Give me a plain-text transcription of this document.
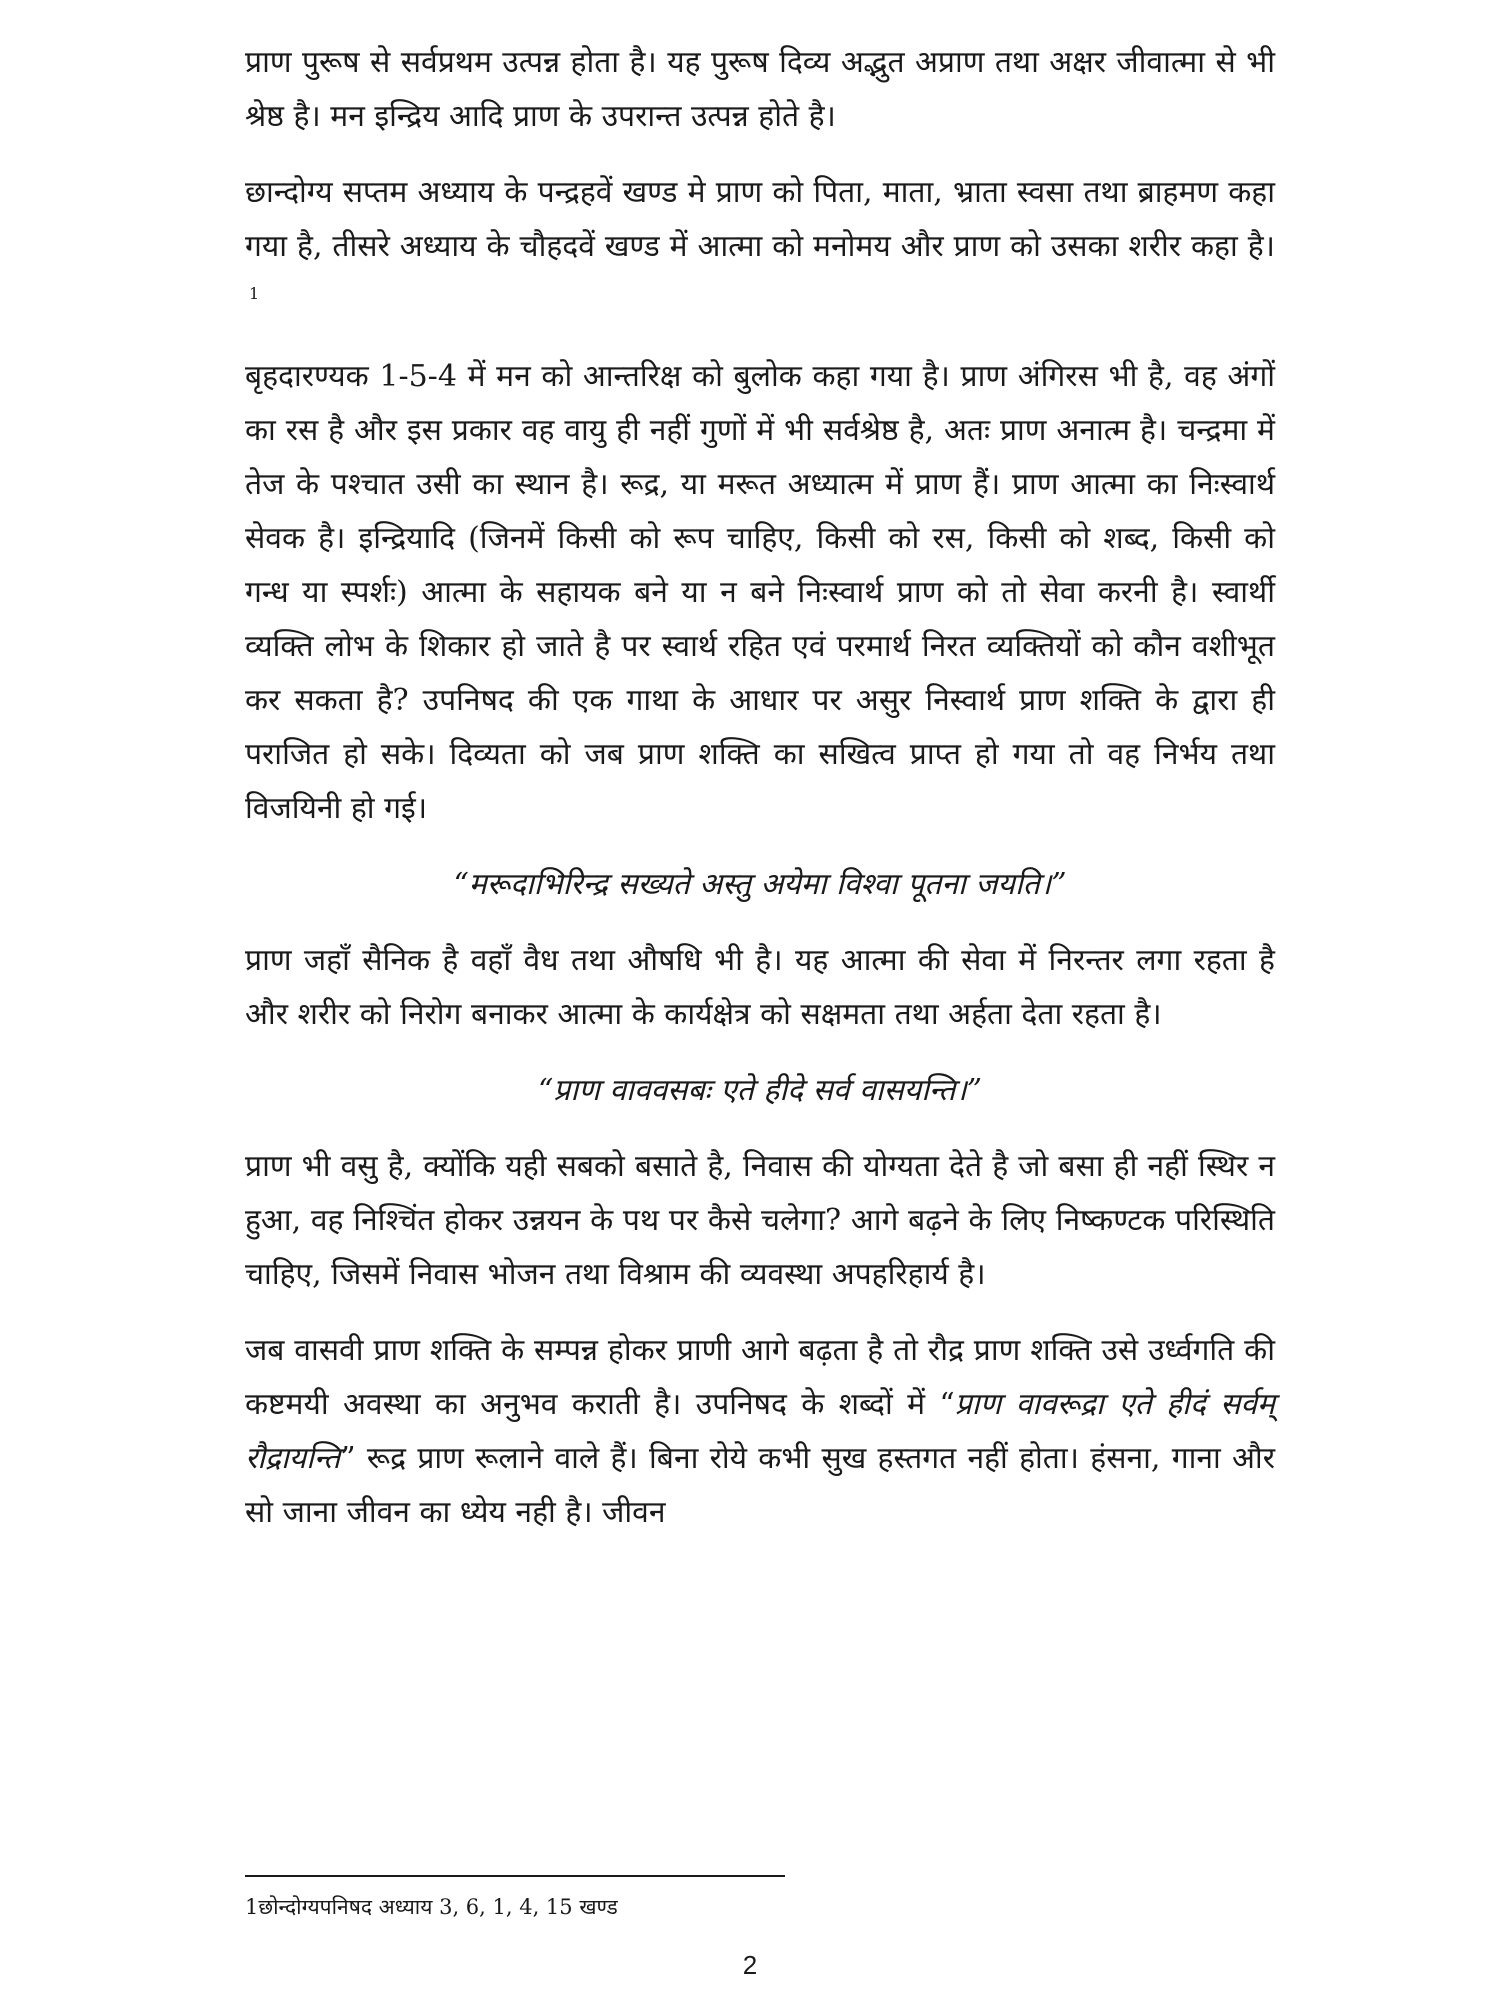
प्राण पुरूष से सर्वप्रथम उत्पन्न होता है। यह पुरूष दिव्य अद्भुत अप्राण तथा अक्षर जीवात्मा से भी श्रेष्ठ है। मन इन्द्रिय आदि प्राण के उपरान्त उत्पन्न होते है।

छान्दोग्य सप्तम अध्याय के पन्द्रहवें खण्ड मे प्राण को पिता, माता, भ्राता स्वसा तथा ब्राहमण कहा गया है, तीसरे अध्याय के चौहदवें खण्ड में आत्मा को मनोमय और प्राण को उसका शरीर कहा है।$^1$

बृहदारण्यक 1-5-4 में मन को आन्तरिक्ष को बुलोक कहा गया है। प्राण अंगिरस भी है, वह अंगों का रस है और इस प्रकार वह वायु ही नहीं गुणों में भी सर्वश्रेष्ठ है, अतः प्राण अनात्म है। चन्द्रमा में तेज के पश्चात उसी का स्थान है। रूद्र, या मरूत अध्यात्म में प्राण हैं। प्राण आत्मा का निःस्वार्थ सेवक है। इन्द्रियादि (जिनमें किसी को रूप चाहिए, किसी को रस, किसी को शब्द, किसी को गन्ध या स्पर्शः) आत्मा के सहायक बने या न बने निःस्वार्थ प्राण को तो सेवा करनी है। स्वार्थी व्यक्ति लोभ के शिकार हो जाते है पर स्वार्थ रहित एवं परमार्थ निरत व्यक्तियों को कौन वशीभूत कर सकता है? उपनिषद की एक गाथा के आधार पर असुर निस्वार्थ प्राण शक्ति के द्वारा ही पराजित हो सके। दिव्यता को जब प्राण शक्ति का सखित्व प्राप्त हो गया तो वह निर्भय तथा विजयिनी हो गई।

“मरूदाभिरिन्द्र सख्यते अस्तु अयेमा विश्वा पूतना जयति।”

प्राण जहाँ सैनिक है वहाँ वैध तथा औषधि भी है। यह आत्मा की सेवा में निरन्तर लगा रहता है और शरीर को निरोग बनाकर आत्मा के कार्यक्षेत्र को सक्षमता तथा अर्हता देता रहता है।

“प्राण वाववसबः एते हीदे सर्व वासयन्ति।”

प्राण भी वसु है, क्योंकि यही सबको बसाते है, निवास की योग्यता देते है जो बसा ही नहीं स्थिर न हुआ, वह निश्चिंत होकर उन्नयन के पथ पर कैसे चलेगा? आगे बढ़ने के लिए निष्कण्टक परिस्थिति चाहिए, जिसमें निवास भोजन तथा विश्राम की व्यवस्था अपहरिहार्य है।

जब वासवी प्राण शक्ति के सम्पन्न होकर प्राणी आगे बढ़ता है तो रौद्र प्राण शक्ति उसे उर्ध्वगति की कष्टमयी अवस्था का अनुभव कराती है। उपनिषद के शब्दों में “प्राण वावरूद्रा एते हीदं सर्वम् रौद्रायन्ति” रूद्र प्राण रूलाने वाले हैं। बिना रोये कभी सुख हस्तगत नहीं होता। हंसना, गाना और सो जाना जीवन का ध्येय नही है। जीवन

1छोन्दोग्यपनिषद अध्याय 3, 6, 1, 4, 15 खण्ड
2
